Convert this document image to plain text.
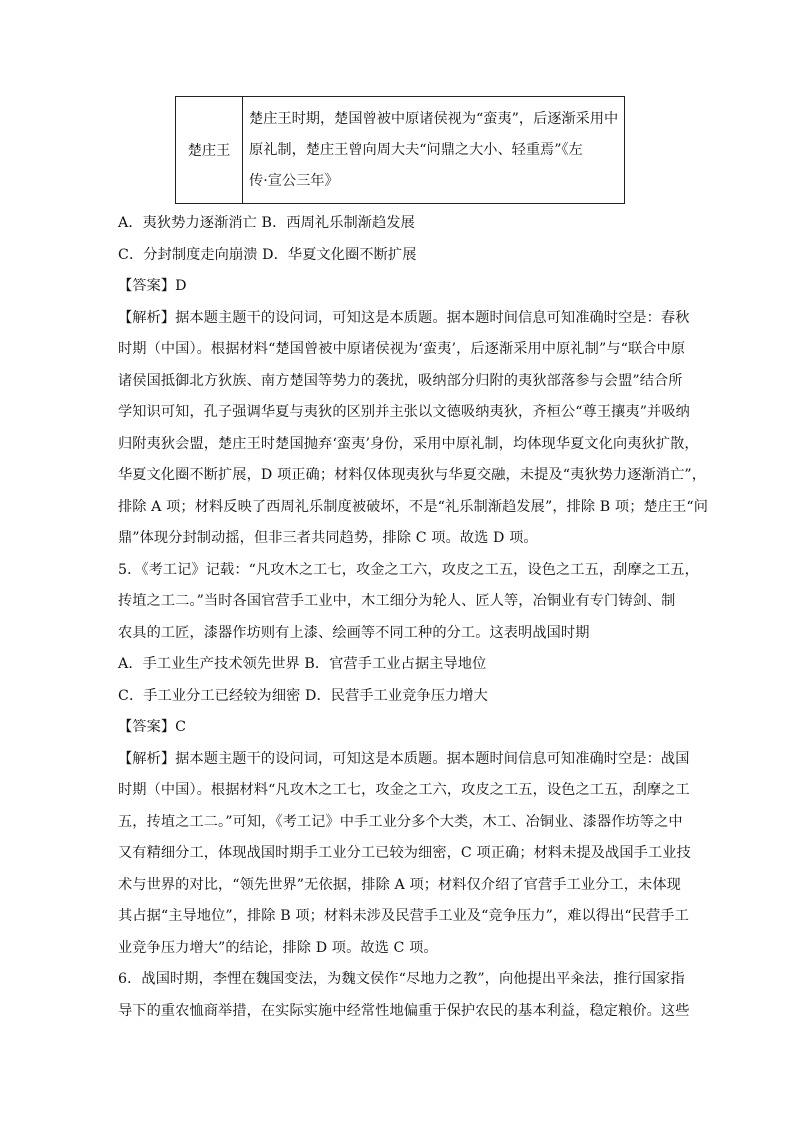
楚庄王	
楚庄王时期，楚国曾被中原诸侯视为“蛮夷”，后逐渐采用中
原礼制，楚庄王曾向周大夫“问鼎之大小、轻重焉”《左
传·宣公三年》
A．夷狄势力逐渐消亡 B．西周礼乐制渐趋发展
C．分封制度走向崩溃 D．华夏文化圈不断扩展
【答案】D
【解析】据本题主题干的设问词，可知这是本质题。据本题时间信息可知准确时空是：春秋
时期（中国）。根据材料“楚国曾被中原诸侯视为‘蛮夷’，后逐渐采用中原礼制”与“联合中原
诸侯国抵御北方狄族、南方楚国等势力的袭扰，吸纳部分归附的夷狄部落参与会盟”结合所
学知识可知，孔子强调华夏与夷狄的区别并主张以文德吸纳夷狄，齐桓公“尊王攘夷”并吸纳
归附夷狄会盟，楚庄王时楚国抛弃‘蛮夷’身份，采用中原礼制，均体现华夏文化向夷狄扩散，
华夏文化圈不断扩展，D 项正确；材料仅体现夷狄与华夏交融，未提及“夷狄势力逐渐消亡”，
排除 A 项；材料反映了西周礼乐制度被破坏，不是“礼乐制渐趋发展”，排除 B 项；楚庄王“问
鼎”体现分封制动摇，但非三者共同趋势，排除 C 项。故选 D 项。
5．《考工记》记载：“凡攻木之工七，攻金之工六，攻皮之工五，设色之工五，刮摩之工五，
抟埴之工二。”当时各国官营手工业中，木工细分为轮人、匠人等，冶铜业有专门铸剑、制
农具的工匠，漆器作坊则有上漆、绘画等不同工种的分工。这表明战国时期
A．手工业生产技术领先世界 B．官营手工业占据主导地位
C．手工业分工已经较为细密 D．民营手工业竞争压力增大
【答案】C
【解析】据本题主题干的设问词，可知这是本质题。据本题时间信息可知准确时空是：战国
时期（中国）。根据材料“凡攻木之工七，攻金之工六，攻皮之工五，设色之工五，刮摩之工
五，抟埴之工二。”可知，《考工记》中手工业分多个大类，木工、冶铜业、漆器作坊等之中
又有精细分工，体现战国时期手工业分工已较为细密，C 项正确；材料未提及战国手工业技
术与世界的对比，“领先世界”无依据，排除 A 项；材料仅介绍了官营手工业分工，未体现
其占据“主导地位”，排除 B 项；材料未涉及民营手工业及“竞争压力”，难以得出“民营手工
业竞争压力增大”的结论，排除 D 项。故选 C 项。
6．战国时期，李悝在魏国变法，为魏文侯作“尽地力之教”，向他提出平籴法，推行国家指
导下的重农恤商举措，在实际实施中经常性地偏重于保护农民的基本利益，稳定粮价。这些
